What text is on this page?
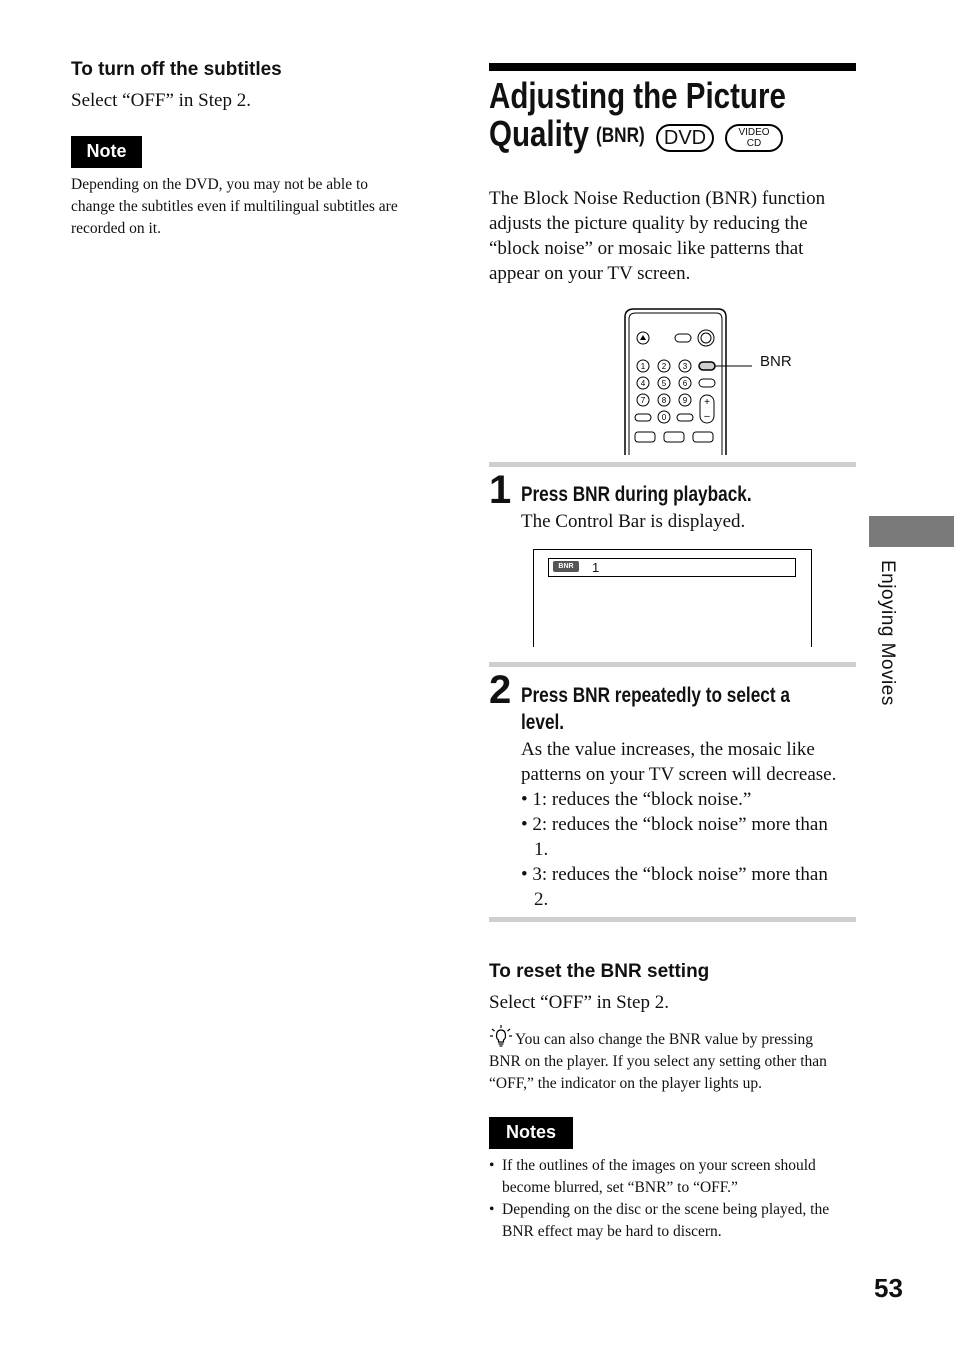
To turn off the subtitles
Select “OFF” in Step 2.
Note
Depending on the DVD, you may not be able to
change the subtitles even if multilingual subtitles are
recorded on it.
Adjusting the Picture
Quality (BNR) DVD	VIDEO
CD
The Block Noise Reduction (BNR) function
adjusts the picture quality by reducing the
“block noise” or mosaic like patterns that
appear on your TV screen.
1 2 3
4 5 6
7 8 9
0
+
–
BNR
1 Press BNR during playback.
The Control Bar is displayed.
BNR	1
2 Press BNR repeatedly to select a
level.
As the value increases, the mosaic like
patterns on your TV screen will decrease.
• 1: reduces the “block noise.”
• 2: reduces the “block noise” more than
1.
• 3: reduces the “block noise” more than
2.
To reset the BNR setting
Select “OFF” in Step 2.
You can also change the BNR value by pressing
BNR on the player. If you select any setting other than
“OFF,” the indicator on the player lights up.
Notes
• If the outlines of the images on your screen should
become blurred, set “BNR” to “OFF.”
• Depending on the disc or the scene being played, the
BNR effect may be hard to discern.
Enjoying Movies
53
